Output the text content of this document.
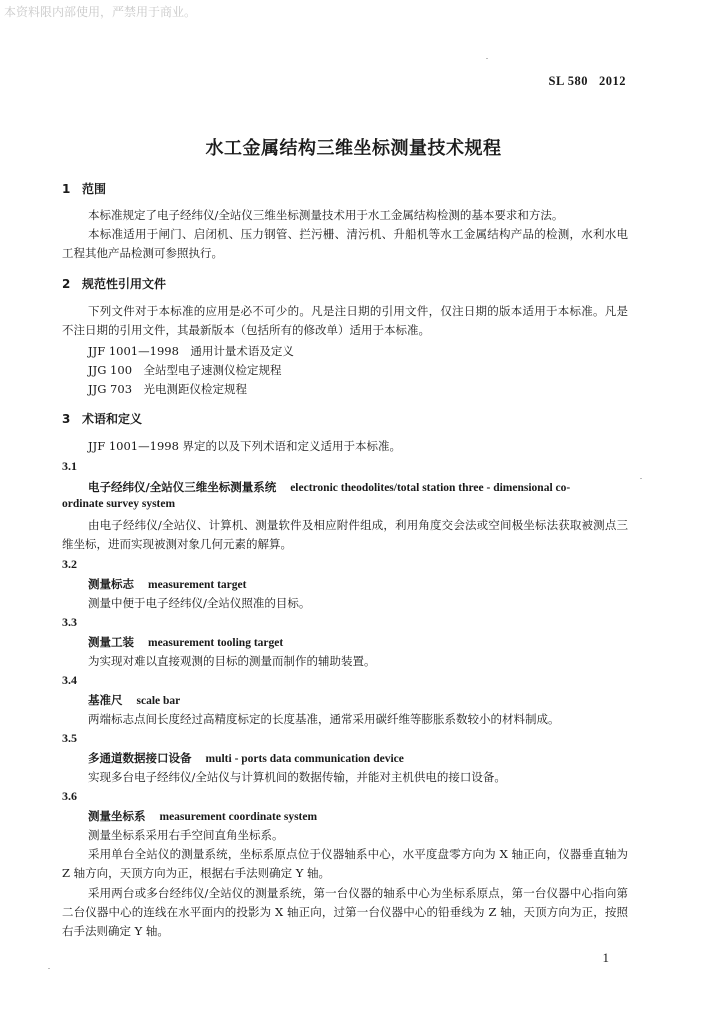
本资料限内部使用，严禁用于商业。
SL 580 2012
水工金属结构三维坐标测量技术规程
1 范围
本标准规定了电子经纬仪/全站仪三维坐标测量技术用于水工金属结构检测的基本要求和方法。
本标准适用于闸门、启闭机、压力钢管、拦污栅、清污机、升船机等水工金属结构产品的检测，水利水电工程其他产品检测可参照执行。
2 规范性引用文件
下列文件对于本标准的应用是必不可少的。凡是注日期的引用文件，仅注日期的版本适用于本标准。凡是不注日期的引用文件，其最新版本（包括所有的修改单）适用于本标准。
JJF 1001—1998　通用计量术语及定义
JJG 100　全站型电子速测仪检定规程
JJG 703　光电测距仪检定规程
3 术语和定义
JJF 1001—1998 界定的以及下列术语和定义适用于本标准。
3.1
电子经纬仪/全站仪三维坐标测量系统 electronic theodolites/total station three - dimensional co-
ordinate survey system
由电子经纬仪/全站仪、计算机、测量软件及相应附件组成，利用角度交会法或空间极坐标法获取被测点三维坐标，进而实现被测对象几何元素的解算。
3.2
测量标志 measurement target
测量中便于电子经纬仪/全站仪照准的目标。
3.3
测量工装 measurement tooling target
为实现对难以直接观测的目标的测量而制作的辅助装置。
3.4
基准尺 scale bar
两端标志点间长度经过高精度标定的长度基准，通常采用碳纤维等膨胀系数较小的材料制成。
3.5
多通道数据接口设备 multi - ports data communication device
实现多台电子经纬仪/全站仪与计算机间的数据传输，并能对主机供电的接口设备。
3.6
测量坐标系 measurement coordinate system
测量坐标系采用右手空间直角坐标系。
采用单台全站仪的测量系统，坐标系原点位于仪器轴系中心，水平度盘零方向为 X 轴正向，仪器垂直轴为 Z 轴方向，天顶方向为正，根据右手法则确定 Y 轴。
采用两台或多台经纬仪/全站仪的测量系统，第一台仪器的轴系中心为坐标系原点，第一台仪器中心指向第二台仪器中心的连线在水平面内的投影为 X 轴正向，过第一台仪器中心的铅垂线为 Z 轴，天顶方向为正，按照右手法则确定 Y 轴。
1
